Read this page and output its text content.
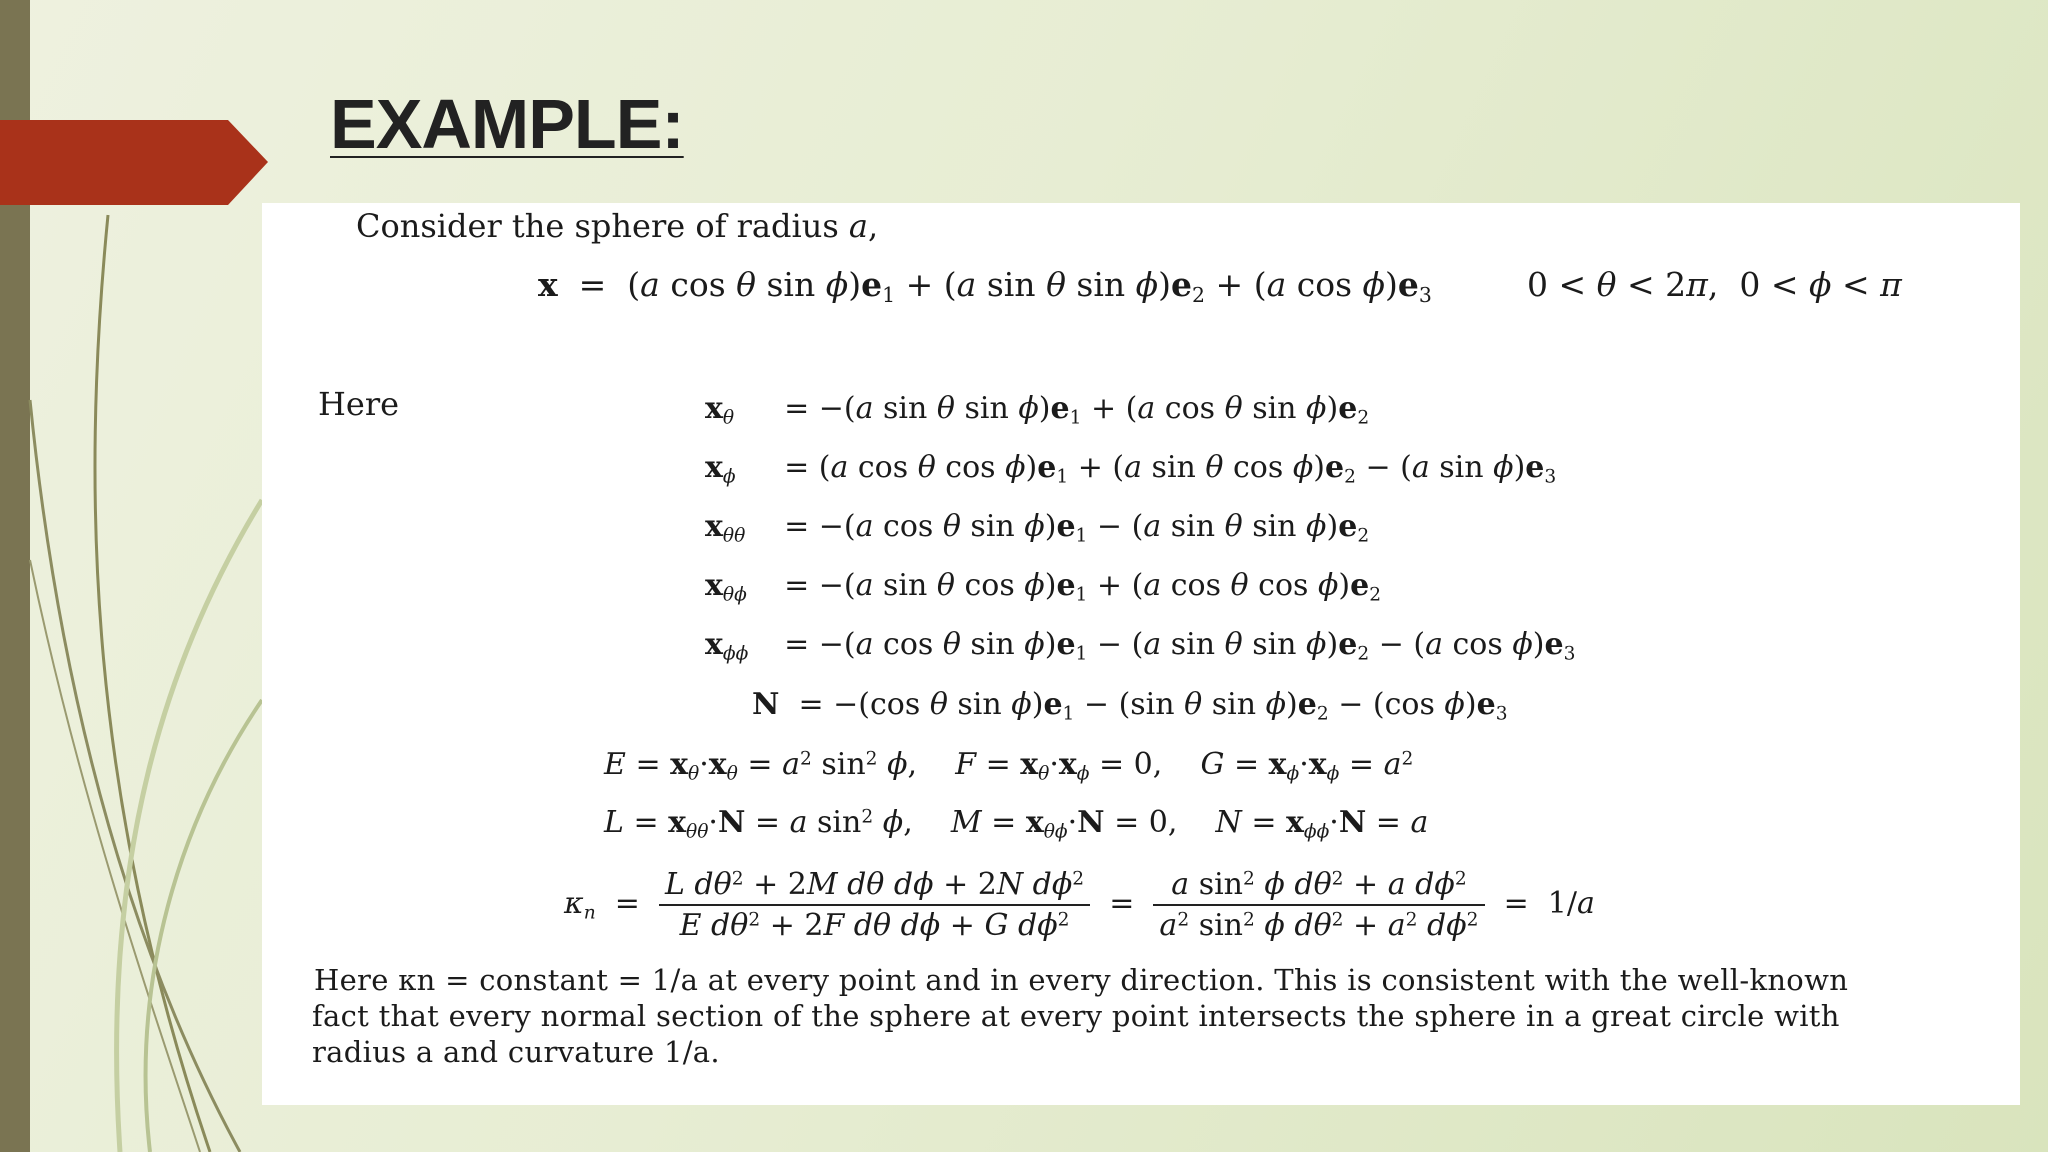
EXAMPLE:
Consider the sphere of radius a,
x  =  (a cos θ $\sin \phi)e_1 + (a$ sin θ $\sin \phi)e_2 + (a$ $\cos \phi)e_3$	0 < θ < 2π,  0 < ϕ < π
Here	$x_\theta = -(a$ sin θ $\sin \phi)e_1 + (a$ cos θ $\sin \phi)e_2$
$x_\phi = (a$ cos θ $\cos \phi)e_1 + (a$ sin θ $\cos \phi)e_2 - (a$ $\sin \phi)e_3$
$x_{\theta\theta} = -(a$ cos θ $\sin \phi)e_1 - (a$ sin θ $\sin \phi)e_2$
$x_{\theta\phi} = -(a$ sin θ $\cos \phi)e_1 + (a$ cos θ $\cos \phi)e_2$
$x_{\phi\phi} = -(a$ cos θ $\sin \phi)e_1 - (a$ sin θ $\sin \phi)e_2 - (a$ $\cos \phi)e_3$
N  = −(cos θ $\sin \phi)e_1 - (\sin$ θ $\sin \phi)e_2 - (\cos$ $\phi)e_3$
$E = x_\theta\cdot x_\theta = a^2$ $\sin^2 \phi$,    $F = x_\theta\cdot x_\phi = 0$,    $G = x_\phi\cdot x_\phi = a^2$
$L = x_{\theta\theta}\cdot N = a$ $\sin^2 \phi$,    $M = x_{\theta\phi}\cdot N = 0$,    $N = x_{\phi\phi}\cdot N = a$
$\kappa_n = \frac{L d\theta^2 + 2M d\theta d\phi + 2N d\phi^2}{E d\theta^2 + 2F d\theta d\phi + G d\phi^2} = \frac{a \sin^2 \phi d\theta^2 + a d\phi^2}{a^2 \sin^2 \phi d\theta^2 + a^2 d\phi^2} = 1/a$
Here κn = constant = 1/a at every point and in every direction. This is consistent with the well-known
fact that every normal section of the sphere at every point intersects the sphere in a great circle with
radius a and curvature 1/a.
